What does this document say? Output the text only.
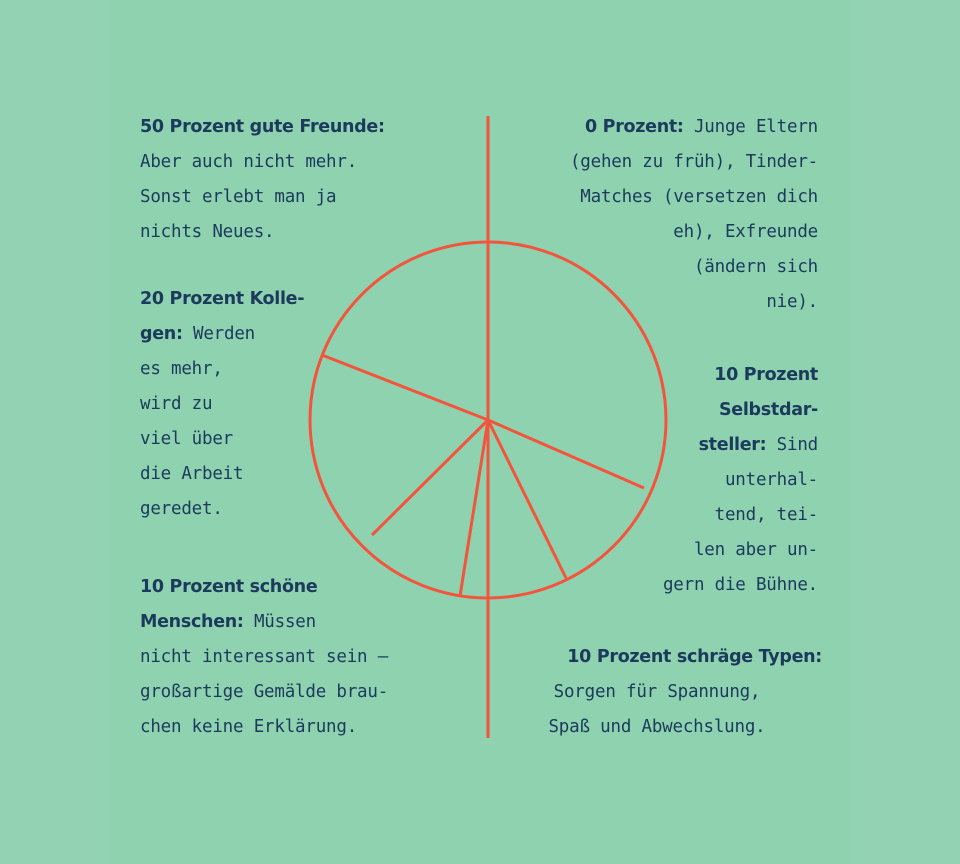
50 Prozent gute Freunde:
Aber auch nicht mehr.
Sonst erlebt man ja
nichts Neues.
20 Prozent Kolle-
gen: Werden
es mehr,
wird zu
viel über
die Arbeit
geredet.
10 Prozent schöne
Menschen: Müssen
nicht interessant sein –
großartige Gemälde brau-
chen keine Erklärung.
0 Prozent: Junge Eltern
(gehen zu früh), Tinder-
Matches (versetzen dich
eh), Exfreunde
(ändern sich
nie).
10 Prozent
Selbstdar-
steller: Sind
unterhal-
tend, tei-
len aber un-
gern die Bühne.
10 Prozent schräge Typen:
Sorgen für Spannung,
Spaß und Abwechslung.
